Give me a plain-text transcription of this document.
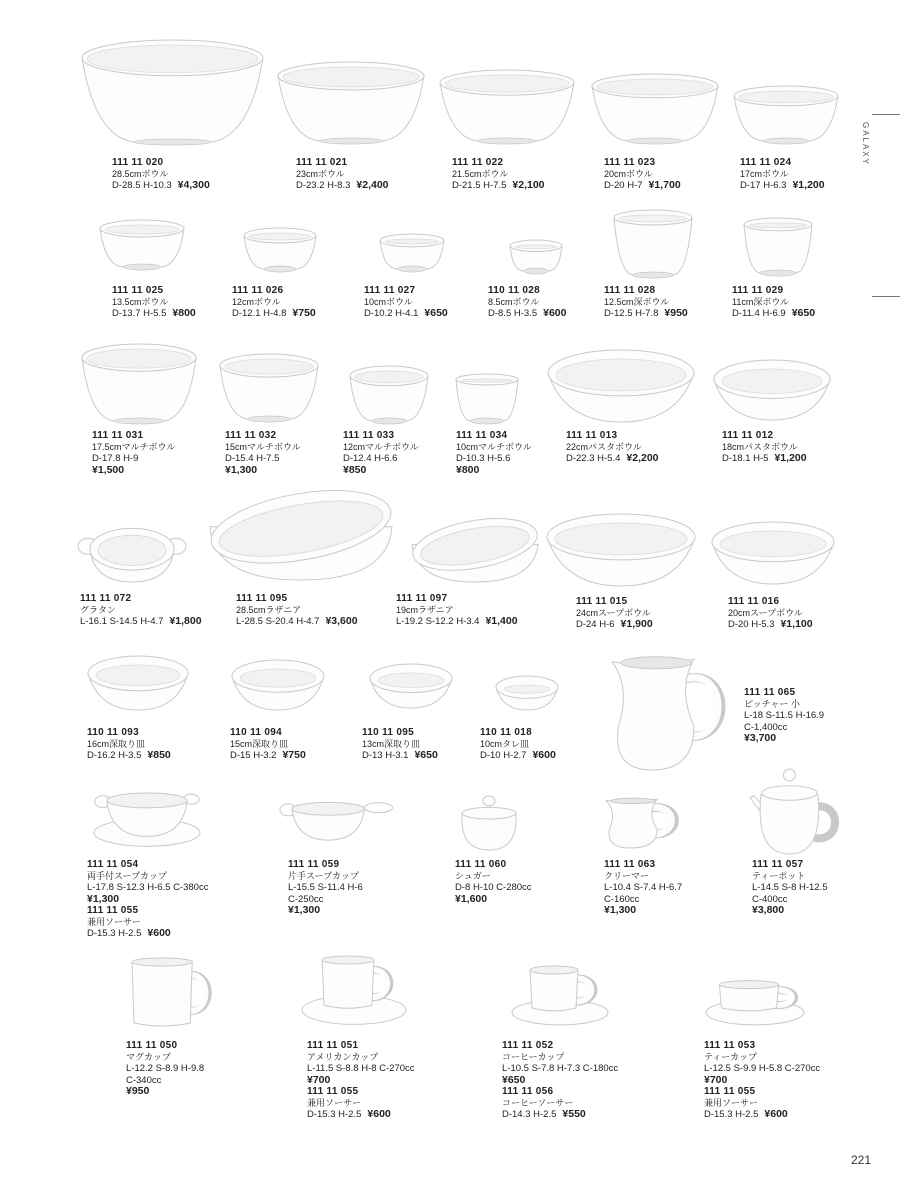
GALAXY
221
111 11 020
28.5cmボウル
D-28.5 H-10.3 ¥4,300
111 11 021
23cmボウル
D-23.2 H-8.3 ¥2,400
111 11 022
21.5cmボウル
D-21.5 H-7.5 ¥2,100
111 11 023
20cmボウル
D-20 H-7 ¥1,700
111 11 024
17cmボウル
D-17 H-6.3 ¥1,200
111 11 025
13.5cmボウル
D-13.7 H-5.5 ¥800
111 11 026
12cmボウル
D-12.1 H-4.8 ¥750
111 11 027
10cmボウル
D-10.2 H-4.1 ¥650
110 11 028
8.5cmボウル
D-8.5 H-3.5 ¥600
111 11 028
12.5cm深ボウル
D-12.5 H-7.8 ¥950
111 11 029
11cm深ボウル
D-11.4 H-6.9 ¥650
111 11 031
17.5cmマルチボウル
D-17.8 H-9
¥1,500
111 11 032
15cmマルチボウル
D-15.4 H-7.5
¥1,300
111 11 033
12cmマルチボウル
D-12.4 H-6.6
¥850
111 11 034
10cmマルチボウル
D-10.3 H-5.6
¥800
111 11 013
22cmパスタボウル
D-22.3 H-5.4 ¥2,200
111 11 012
18cmパスタボウル
D-18.1 H-5 ¥1,200
111 11 072
グラタン
L-16.1 S-14.5 H-4.7 ¥1,800
111 11 095
28.5cmラザニア
L-28.5 S-20.4 H-4.7 ¥3,600
111 11 097
19cmラザニア
L-19.2 S-12.2 H-3.4 ¥1,400
111 11 015
24cmスープボウル
D-24 H-6 ¥1,900
111 11 016
20cmスープボウル
D-20 H-5.3 ¥1,100
110 11 093
16cm深取り皿
D-16.2 H-3.5 ¥850
110 11 094
15cm深取り皿
D-15 H-3.2 ¥750
110 11 095
13cm深取り皿
D-13 H-3.1 ¥650
110 11 018
10cmタレ皿
D-10 H-2.7 ¥600
111 11 065
ピッチャー 小
L-18 S-11.5 H-16.9
C-1,400cc
¥3,700
111 11 054
両手付スープカップ
L-17.8 S-12.3 H-6.5 C-380cc
¥1,300
111 11 055
兼用ソーサー
D-15.3 H-2.5 ¥600
111 11 059
片手スープカップ
L-15.5 S-11.4 H-6
C-250cc
¥1,300
111 11 060
シュガー
D-8 H-10 C-280cc
¥1,600
111 11 063
クリーマー
L-10.4 S-7.4 H-6.7
C-160cc
¥1,300
111 11 057
ティーポット
L-14.5 S-8 H-12.5
C-400cc
¥3,800
111 11 050
マグカップ
L-12.2 S-8.9 H-9.8
C-340cc
¥950
111 11 051
アメリカンカップ
L-11.5 S-8.8 H-8 C-270cc
¥700
111 11 055
兼用ソーサー
D-15.3 H-2.5 ¥600
111 11 052
コーヒーカップ
L-10.5 S-7.8 H-7.3 C-180cc
¥650
111 11 056
コーヒーソーサー
D-14.3 H-2.5 ¥550
111 11 053
ティーカップ
L-12.5 S-9.9 H-5.8 C-270cc
¥700
111 11 055
兼用ソーサー
D-15.3 H-2.5 ¥600
